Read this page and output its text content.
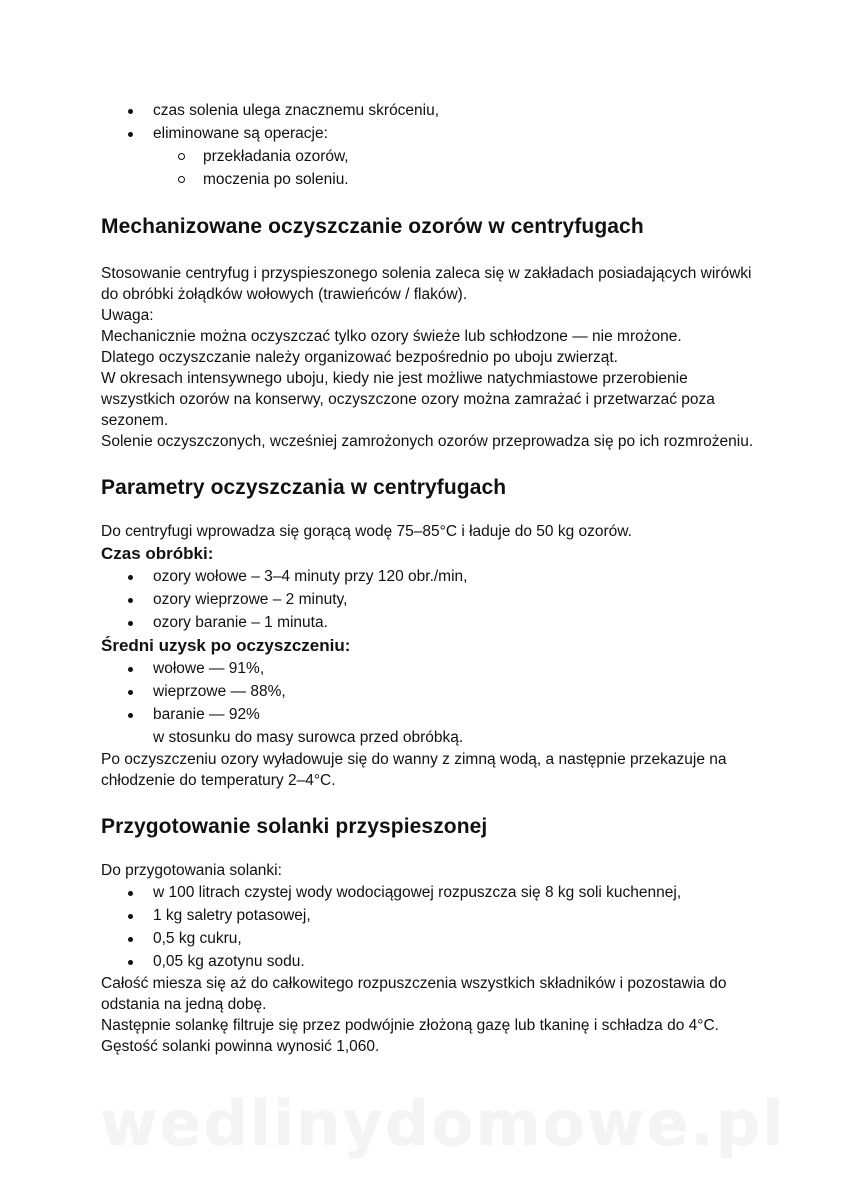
czas solenia ulega znacznemu skróceniu,
eliminowane są operacje:
przekładania ozorów,
moczenia po soleniu.
Mechanizowane oczyszczanie ozorów w centryfugach

Stosowanie centryfug i przyspieszonego solenia zaleca się w zakładach posiadających wirówki do obróbki żołądków wołowych (trawieńców / flaków).

Uwaga:

Mechanicznie można oczyszczać tylko ozory świeże lub schłodzone — nie mrożone.

Dlatego oczyszczanie należy organizować bezpośrednio po uboju zwierząt.

W okresach intensywnego uboju, kiedy nie jest możliwe natychmiastowe przerobienie wszystkich ozorów na konserwy, oczyszczone ozory można zamrażać i przetwarzać poza sezonem.

Solenie oczyszczonych, wcześniej zamrożonych ozorów przeprowadza się po ich rozmrożeniu.

Parametry oczyszczania w centryfugach

Do centryfugi wprowadza się gorącą wodę 75–85°C i ładuje do 50 kg ozorów.

Czas obróbki:
ozory wołowe – 3–4 minuty przy 120 obr./min,
ozory wieprzowe – 2 minuty,
ozory baranie – 1 minuta.
Średni uzysk po oczyszczeniu:
wołowe — 91%,
wieprzowe — 88%,
baranie — 92%
w stosunku do masy surowca przed obróbką.

Po oczyszczeniu ozory wyładowuje się do wanny z zimną wodą, a następnie przekazuje na chłodzenie do temperatury 2–4°C.

Przygotowanie solanki przyspieszonej

Do przygotowania solanki:

w 100 litrach czystej wody wodociągowej rozpuszcza się 8 kg soli kuchennej,
1 kg saletry potasowej,
0,5 kg cukru,
0,05 kg azotynu sodu.

Całość miesza się aż do całkowitego rozpuszczenia wszystkich składników i pozostawia do odstania na jedną dobę.

Następnie solankę filtruje się przez podwójnie złożoną gazę lub tkaninę i schładza do 4°C.

Gęstość solanki powinna wynosić 1,060.

wedlinydomowe.pl
